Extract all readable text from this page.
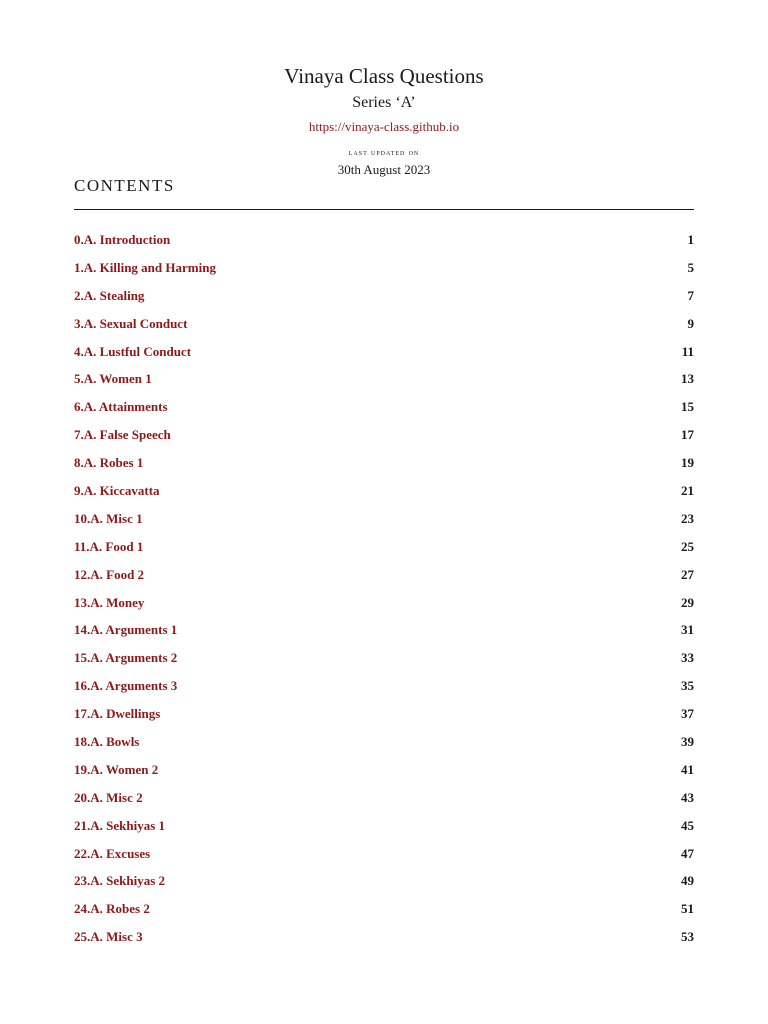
Vinaya Class Questions
Series ‘A’
https://vinaya-class.github.io
last updated on
30th August 2023
CONTENTS
0.A. Introduction	1
1.A. Killing and Harming	5
2.A. Stealing	7
3.A. Sexual Conduct	9
4.A. Lustful Conduct	11
5.A. Women 1	13
6.A. Attainments	15
7.A. False Speech	17
8.A. Robes 1	19
9.A. Kiccavatta	21
10.A. Misc 1	23
11.A. Food 1	25
12.A. Food 2	27
13.A. Money	29
14.A. Arguments 1	31
15.A. Arguments 2	33
16.A. Arguments 3	35
17.A. Dwellings	37
18.A. Bowls	39
19.A. Women 2	41
20.A. Misc 2	43
21.A. Sekhiyas 1	45
22.A. Excuses	47
23.A. Sekhiyas 2	49
24.A. Robes 2	51
25.A. Misc 3	53
